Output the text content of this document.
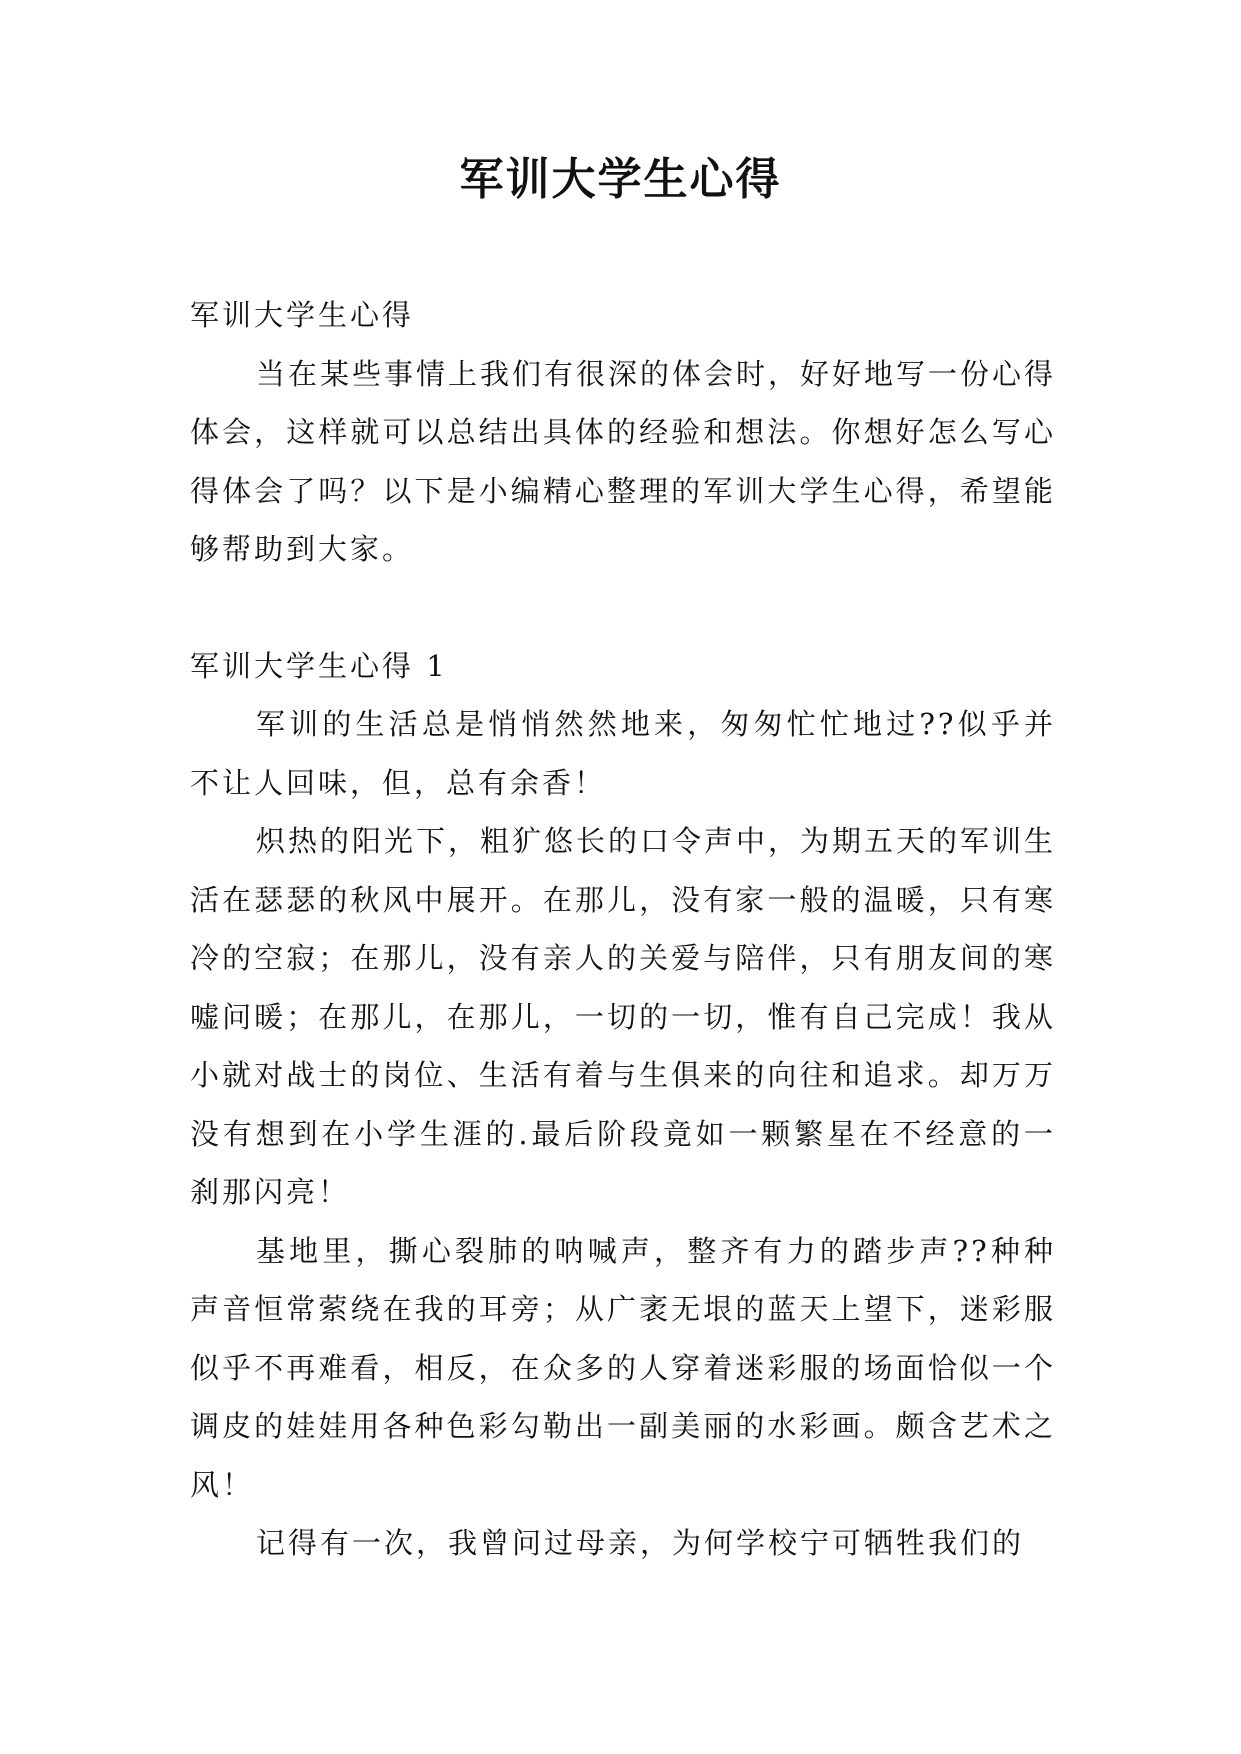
军训大学生心得

军训大学生心得

当在某些事情上我们有很深的体会时，好好地写一份心得体会，这样就可以总结出具体的经验和想法。你想好怎么写心得体会了吗？以下是小编精心整理的军训大学生心得，希望能够帮助到大家。

军训大学生心得 1

军训的生活总是悄悄然然地来，匆匆忙忙地过??似乎并不让人回味，但，总有余香！

炽热的阳光下，粗犷悠长的口令声中，为期五天的军训生活在瑟瑟的秋风中展开。在那儿，没有家一般的温暖，只有寒冷的空寂；在那儿，没有亲人的关爱与陪伴，只有朋友间的寒嘘问暖；在那儿，在那儿，一切的一切，惟有自己完成！我从小就对战士的岗位、生活有着与生俱来的向往和追求。却万万没有想到在小学生涯的.最后阶段竟如一颗繁星在不经意的一刹那闪亮！

基地里，撕心裂肺的呐喊声，整齐有力的踏步声??种种声音恒常萦绕在我的耳旁；从广袤无垠的蓝天上望下，迷彩服似乎不再难看，相反，在众多的人穿着迷彩服的场面恰似一个调皮的娃娃用各种色彩勾勒出一副美丽的水彩画。颇含艺术之风！

记得有一次，我曾问过母亲，为何学校宁可牺牲我们的
